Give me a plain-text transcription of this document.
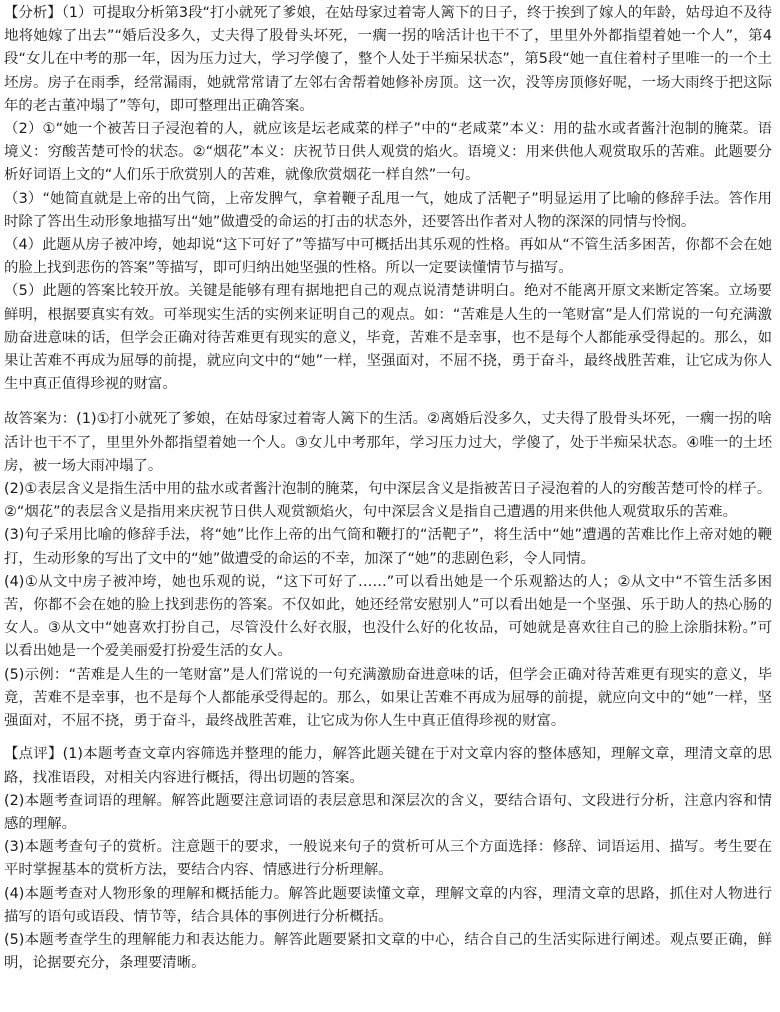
【分析】（1）可提取分析第3段“打小就死了爹娘，在姑母家过着寄人篱下的日子，终于挨到了嫁人的年龄，姑母迫不及待地将她嫁了出去”“婚后没多久，丈夫得了股骨头坏死，一瘸一拐的啥活计也干不了，里里外外都指望着她一个人”，第4段“女儿在中考的那一年，因为压力过大，学习学傻了，整个人处于半痴呆状态”，第5段“她一直住着村子里唯一的一个土坯房。房子在雨季，经常漏雨，她就常常请了左邻右舍帮着她修补房顶。这一次，没等房顶修好呢，一场大雨终于把这际年的老古董冲塌了”等句，即可整理出正确答案。

（2）①“她一个被苦日子浸泡着的人，就应该是坛老咸菜的样子”中的“老咸菜”本义：用的盐水或者酱汁泡制的腌菜。语境义：穷酸苦楚可怜的状态。②“烟花”本义：庆祝节日供人观赏的焰火。语境义：用来供他人观赏取乐的苦难。此题要分析好词语上文的“人们乐于欣赏别人的苦难，就像欣赏烟花一样自然”一句。

（3）“她简直就是上帝的出气筒，上帝发脾气，拿着鞭子乱甩一气，她成了活靶子”明显运用了比喻的修辞手法。答作用时除了答出生动形象地描写出“她”做遭受的命运的打击的状态外，还要答出作者对人物的深深的同情与怜悯。

（4）此题从房子被冲垮，她却说“这下可好了”等描写中可概括出其乐观的性格。再如从“不管生活多困苦，你都不会在她的脸上找到悲伤的答案”等描写，即可归纳出她坚强的性格。所以一定要读懂情节与描写。

（5）此题的答案比较开放。关键是能够有理有据地把自己的观点说清楚讲明白。绝对不能离开原文来断定答案。立场要鲜明，根据要真实有效。可举现实生活的实例来证明自己的观点。如：“苦难是人生的一笔财富”是人们常说的一句充满激励奋进意味的话，但学会正确对待苦难更有现实的意义，毕竟，苦难不是幸事，也不是每个人都能承受得起的。那么，如果让苦难不再成为屈辱的前提，就应向文中的“她”一样，坚强面对，不屈不挠，勇于奋斗，最终战胜苦难，让它成为你人生中真正值得珍视的财富。

故答案为：(1)①打小就死了爹娘，在姑母家过着寄人篱下的生活。②离婚后没多久，丈夫得了股骨头坏死，一瘸一拐的啥活计也干不了，里里外外都指望着她一个人。③女儿中考那年，学习压力过大，学傻了，处于半痴呆状态。④唯一的土坯房，被一场大雨冲塌了。

(2)①表层含义是指生活中用的盐水或者酱汁泡制的腌菜，句中深层含义是指被苦日子浸泡着的人的穷酸苦楚可怜的样子。

②“烟花”的表层含义是指用来庆祝节日供人观赏额焰火，句中深层含义是指自己遭遇的用来供他人观赏取乐的苦难。

(3)句子采用比喻的修辞手法，将“她”比作上帝的出气筒和鞭打的“活靶子”，将生活中“她”遭遇的苦难比作上帝对她的鞭打，生动形象的写出了文中的“她”做遭受的命运的不幸，加深了“她”的悲剧色彩，令人同情。

(4)①从文中房子被冲垮，她也乐观的说，“这下可好了……”可以看出她是一个乐观豁达的人；②从文中“不管生活多困苦，你都不会在她的脸上找到悲伤的答案。不仅如此，她还经常安慰别人”可以看出她是一个坚强、乐于助人的热心肠的女人。③从文中“她喜欢打扮自己，尽管没什么好衣服，也没什么好的化妆品，可她就是喜欢往自己的脸上涂脂抹粉。”可以看出她是一个爱美丽爱打扮爱生活的女人。

(5)示例：“苦难是人生的一笔财富”是人们常说的一句充满激励奋进意味的话，但学会正确对待苦难更有现实的意义，毕竟，苦难不是幸事，也不是每个人都能承受得起的。那么，如果让苦难不再成为屈辱的前提，就应向文中的“她”一样，坚强面对，不屈不挠，勇于奋斗，最终战胜苦难，让它成为你人生中真正值得珍视的财富。

【点评】(1)本题考查文章内容筛选并整理的能力，解答此题关键在于对文章内容的整体感知，理解文章，理清文章的思路，找准语段，对相关内容进行概括，得出切题的答案。

(2)本题考查词语的理解。解答此题要注意词语的表层意思和深层次的含义，要结合语句、文段进行分析，注意内容和情感的理解。

(3)本题考查句子的赏析。注意题干的要求，一般说来句子的赏析可从三个方面选择：修辞、词语运用、描写。考生要在平时掌握基本的赏析方法，要结合内容、情感进行分析理解。

(4)本题考查对人物形象的理解和概括能力。解答此题要读懂文章，理解文章的内容，理清文章的思路，抓住对人物进行描写的语句或语段、情节等，结合具体的事例进行分析概括。

(5)本题考查学生的理解能力和表达能力。解答此题要紧扣文章的中心，结合自己的生活实际进行阐述。观点要正确，鲜明，论据要充分，条理要清晰。
